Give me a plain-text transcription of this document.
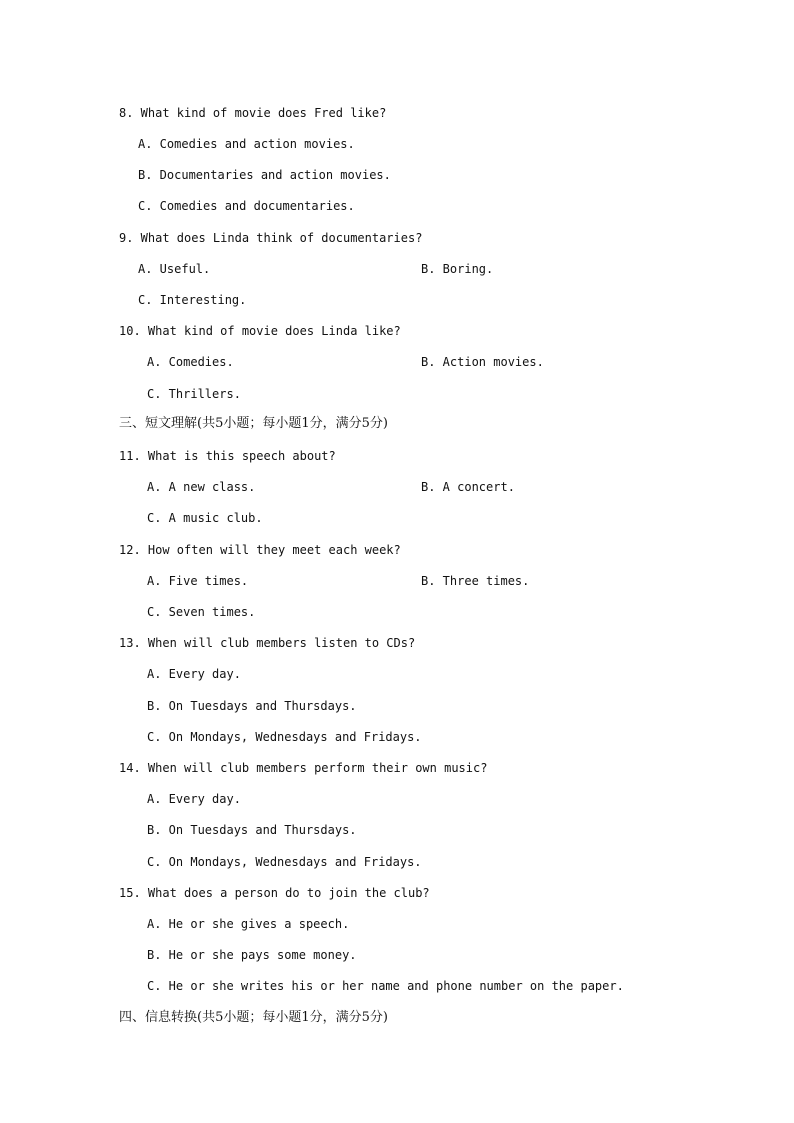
8. What kind of movie does Fred like?
A. Comedies and action movies.
B. Documentaries and action movies.
C. Comedies and documentaries.
9. What does Linda think of documentaries?
A. Useful.	B. Boring.
C. Interesting.
10. What kind of movie does Linda like?
A. Comedies.	B. Action movies.
C. Thrillers.
三、短文理解(共5小题；每小题1分，满分5分)
11. What is this speech about?
A. A new class.	B. A concert.
C. A music club.
12. How often will they meet each week?
A. Five times.	B. Three times.
C. Seven times.
13. When will club members listen to CDs?
A. Every day.
B. On Tuesdays and Thursdays.
C. On Mondays, Wednesdays and Fridays.
14. When will club members perform their own music?
A. Every day.
B. On Tuesdays and Thursdays.
C. On Mondays, Wednesdays and Fridays.
15. What does a person do to join the club?
A. He or she gives a speech.
B. He or she pays some money.
C. He or she writes his or her name and phone number on the paper.
四、信息转换(共5小题；每小题1分，满分5分)
